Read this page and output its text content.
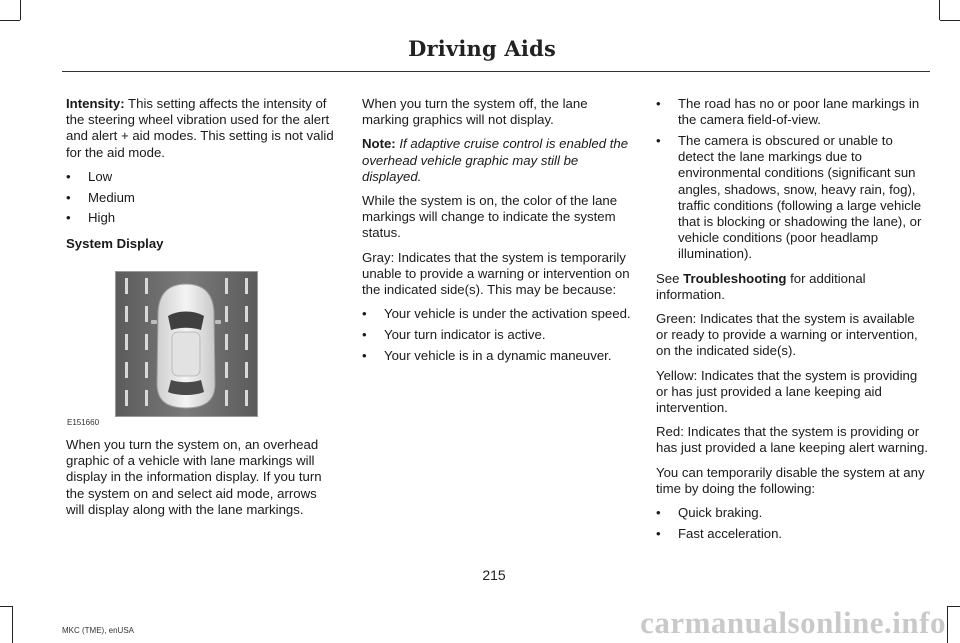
Driving Aids

Intensity: This setting affects the intensity of the steering wheel vibration used for the alert and alert + aid modes. This setting is not valid for the aid mode.

• Low
• Medium
• High

System Display

E151660

When you turn the system on, an overhead graphic of a vehicle with lane markings will display in the information display. If you turn the system on and select aid mode, arrows will display along with the lane markings.

When you turn the system off, the lane marking graphics will not display.

Note: If adaptive cruise control is enabled the overhead vehicle graphic may still be displayed.

While the system is on, the color of the lane markings will change to indicate the system status.

Gray: Indicates that the system is temporarily unable to provide a warning or intervention on the indicated side(s). This may be because:

• Your vehicle is under the activation speed.
• Your turn indicator is active.
• Your vehicle is in a dynamic maneuver.
• The road has no or poor lane markings in the camera field-of-view.
• The camera is obscured or unable to detect the lane markings due to environmental conditions (significant sun angles, shadows, snow, heavy rain, fog), traffic conditions (following a large vehicle that is blocking or shadowing the lane), or vehicle conditions (poor headlamp illumination).

See Troubleshooting for additional information.

Green: Indicates that the system is available or ready to provide a warning or intervention, on the indicated side(s).

Yellow: Indicates that the system is providing or has just provided a lane keeping aid intervention.

Red: Indicates that the system is providing or has just provided a lane keeping alert warning.

You can temporarily disable the system at any time by doing the following:

• Quick braking.
• Fast acceleration.
215
MKC (TME), enUSA	carmanualsonline.info
